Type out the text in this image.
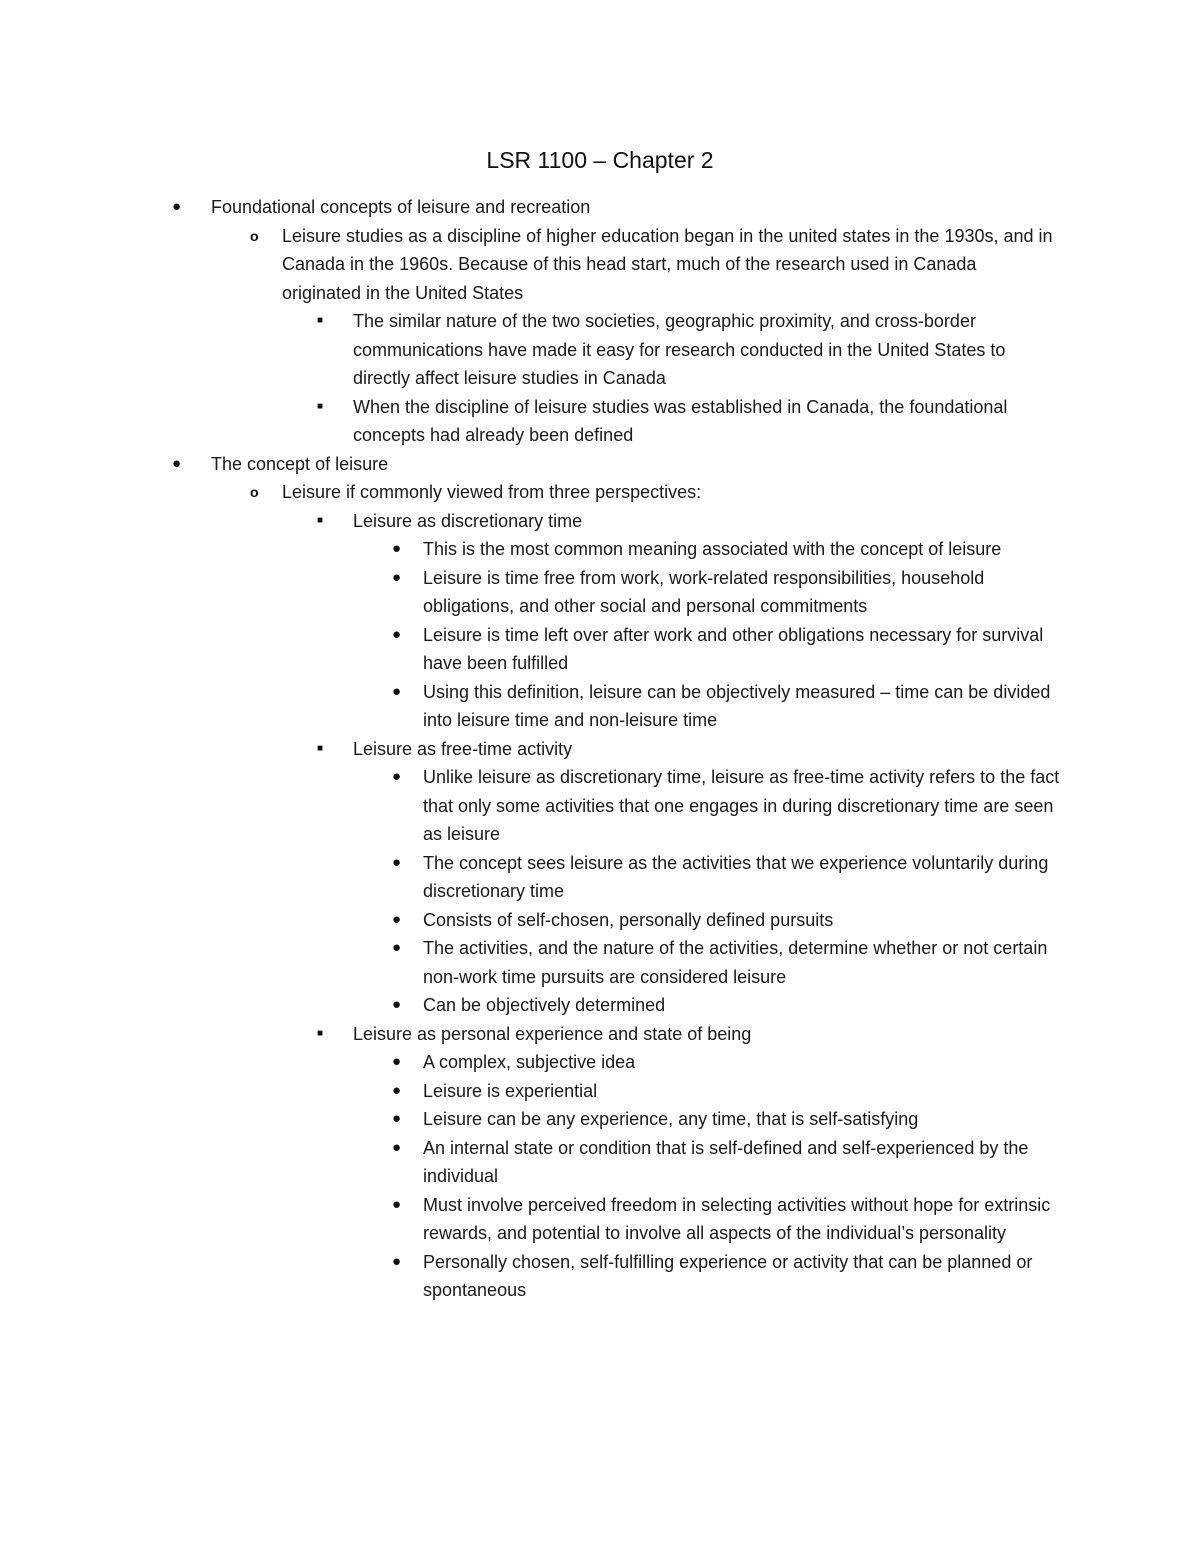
LSR 1100 – Chapter 2
● Foundational concepts of leisure and recreation
o Leisure studies as a discipline of higher education began in the united states in the 1930s, and in Canada in the 1960s. Because of this head start, much of the research used in Canada originated in the United States
■ The similar nature of the two societies, geographic proximity, and cross-border communications have made it easy for research conducted in the United States to directly affect leisure studies in Canada
■ When the discipline of leisure studies was established in Canada, the foundational concepts had already been defined
● The concept of leisure
o Leisure if commonly viewed from three perspectives:
■ Leisure as discretionary time
● This is the most common meaning associated with the concept of leisure
● Leisure is time free from work, work-related responsibilities, household obligations, and other social and personal commitments
● Leisure is time left over after work and other obligations necessary for survival have been fulfilled
● Using this definition, leisure can be objectively measured – time can be divided into leisure time and non-leisure time
■ Leisure as free-time activity
● Unlike leisure as discretionary time, leisure as free-time activity refers to the fact that only some activities that one engages in during discretionary time are seen as leisure
● The concept sees leisure as the activities that we experience voluntarily during discretionary time
● Consists of self-chosen, personally defined pursuits
● The activities, and the nature of the activities, determine whether or not certain non-work time pursuits are considered leisure
● Can be objectively determined
■ Leisure as personal experience and state of being
● A complex, subjective idea
● Leisure is experiential
● Leisure can be any experience, any time, that is self-satisfying
● An internal state or condition that is self-defined and self-experienced by the individual
● Must involve perceived freedom in selecting activities without hope for extrinsic rewards, and potential to involve all aspects of the individual’s personality
● Personally chosen, self-fulfilling experience or activity that can be planned or spontaneous
